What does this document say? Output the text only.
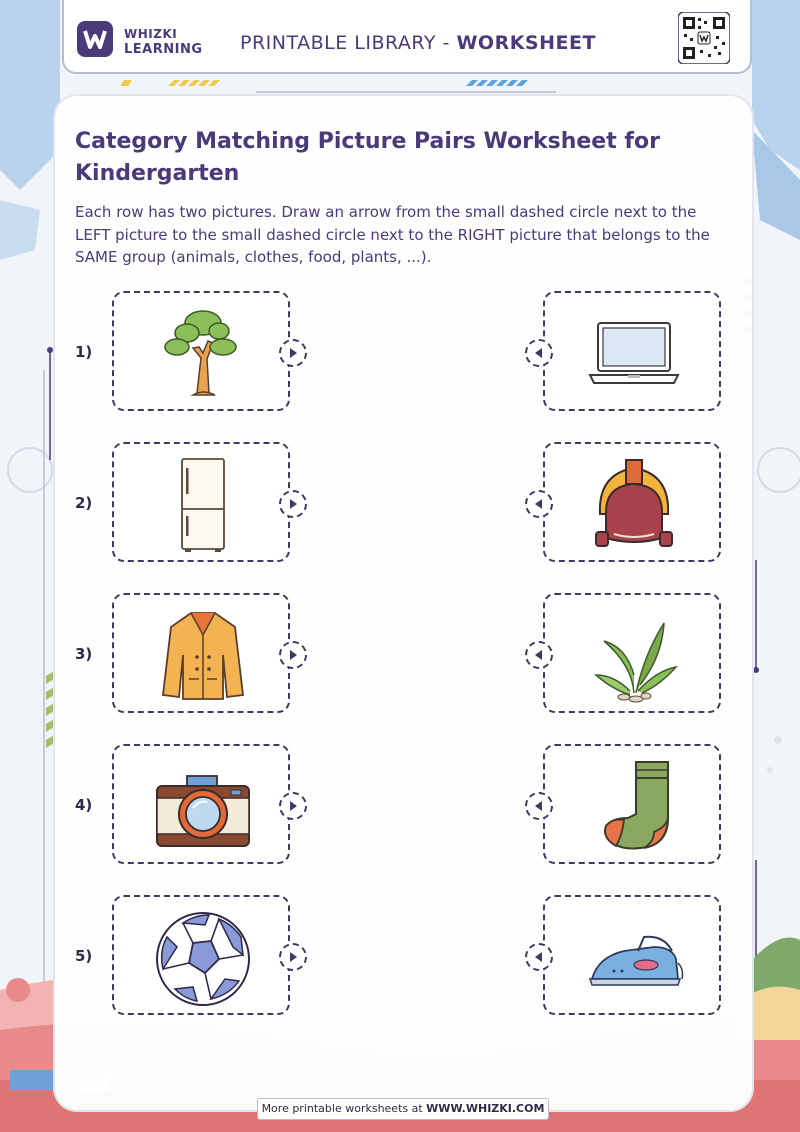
WHIZKI
LEARNING PRINTABLE LIBRARY - WORKSHEET
Category Matching Picture Pairs Worksheet for Kindergarten
Each row has two pictures. Draw an arrow from the small dashed circle next to the LEFT picture to the small dashed circle next to the RIGHT picture that belongs to the SAME group (animals, clothes, food, plants, ...).
1)
2)
3)
4)
5)
More printable worksheets at WWW.WHIZKI.COM
